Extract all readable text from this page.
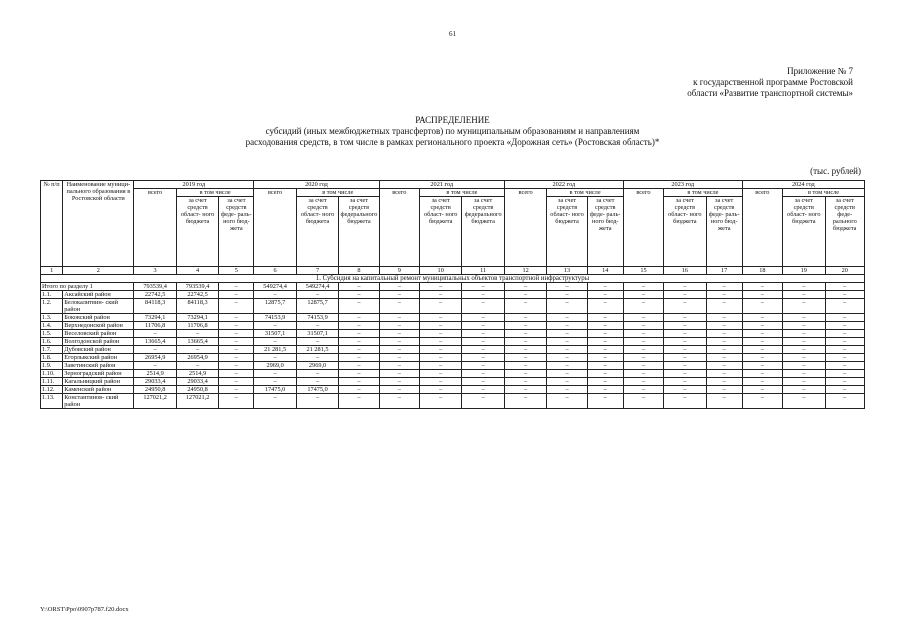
61
Приложение № 7
к государственной программе Ростовской
области «Развитие транспортной системы»
РАСПРЕДЕЛЕНИЕ
субсидий (иных межбюджетных трансфертов) по муниципальным образованиям и направлениям
расходования средств, в том числе в рамках регионального проекта «Дорожная сеть» (Ростовская область)*
(тыс. рублей)
№ п/п	Наименование муници- пального образования в Ростовской области	2019 год			2020 год			2021 год			2022 год			2023 год			2024 год		
		всего	в том числе		всего	в том числе		всего	в том числе		всего	в том числе		всего	в том числе		всего	в том числе	
			за счет средств област- ного бюджета	за счет средств феде- раль- ного бюд- жета		за счет средств област- ного бюджета	за счет средств федерального бюджета		за счет средств област- ного бюджета	за счет средств федерального бюджета		за счет средств област- ного бюджета	за счет средств феде- раль- ного бюд- жета		за счет средств област- ного бюджета	за счет средств феде- раль- ного бюд- жета		за счет средств област- ного бюджета	за счет средств феде- рального бюджета
1	2	3	4	5	6	7	8	9	10	11	12	13	14	15	16	17	18	19	20
1. Субсидия на капитальный ремонт муниципальных объектов транспортной инфраструктуры																			
Итого по разделу 1		793539,4	793539,4	–	549274,4	549274,4	–	–	–	–	–	–	–	–	–	–	–	–	–
1.1.	Аксайский район	22742,5	22742,5	–	–	–	–	–	–	–	–	–	–	–	–	–	–	–	–
1.2.	Белокалитвин- ский район	84118,3	84118,3	–	12875,7	12875,7	–	–	–	–	–	–	–	–	–	–	–	–	–
1.3.	Боковский район	73294,1	73294,1	–	74153,9	74153,9	–	–	–	–	–	–	–	–	–	–	–	–	–
1.4.	Верхнедонской район	11706,8	11706,8	–	–	–	–	–	–	–	–	–	–	–	–	–	–	–	–
1.5.	Веселовский район	–	–	–	31507,1	31507,1	–	–	–	–	–	–	–	–	–	–	–	–	–
1.6.	Волгодонской район	13665,4	13665,4	–	–	–	–	–	–	–	–	–	–	–	–	–	–	–	–
1.7.	Дубовский район	–	–	–	21 281,5	21 281,5	–	–	–	–	–	–	–	–	–	–	–	–	–
1.8.	Егорлыкский район	26954,9	26954,9	–	–	–	–	–	–	–	–	–	–	–	–	–	–	–	–
1.9.	Заветинский район	–	–	–	2969,0	2969,0	–	–	–	–	–	–	–	–	–	–	–	–	–
1.10.	Зерноградский район	2514,9	2514,9	–	–	–	–	–	–	–	–	–	–	–	–	–	–	–	–
1.11.	Кагальницкий район	29033,4	29033,4	–	–	–	–	–	–	–	–	–	–	–	–	–	–	–	–
1.12.	Каменский район	24950,8	24950,8	–	17475,0	17475,0	–	–	–	–	–	–	–	–	–	–	–	–	–
1.13.	Константинов- ский район	127021,2	127021,2	–	–	–	–	–	–	–	–	–	–	–	–	–	–	–	–
Y:\ORST\Ppo\0907p787.f20.docx
